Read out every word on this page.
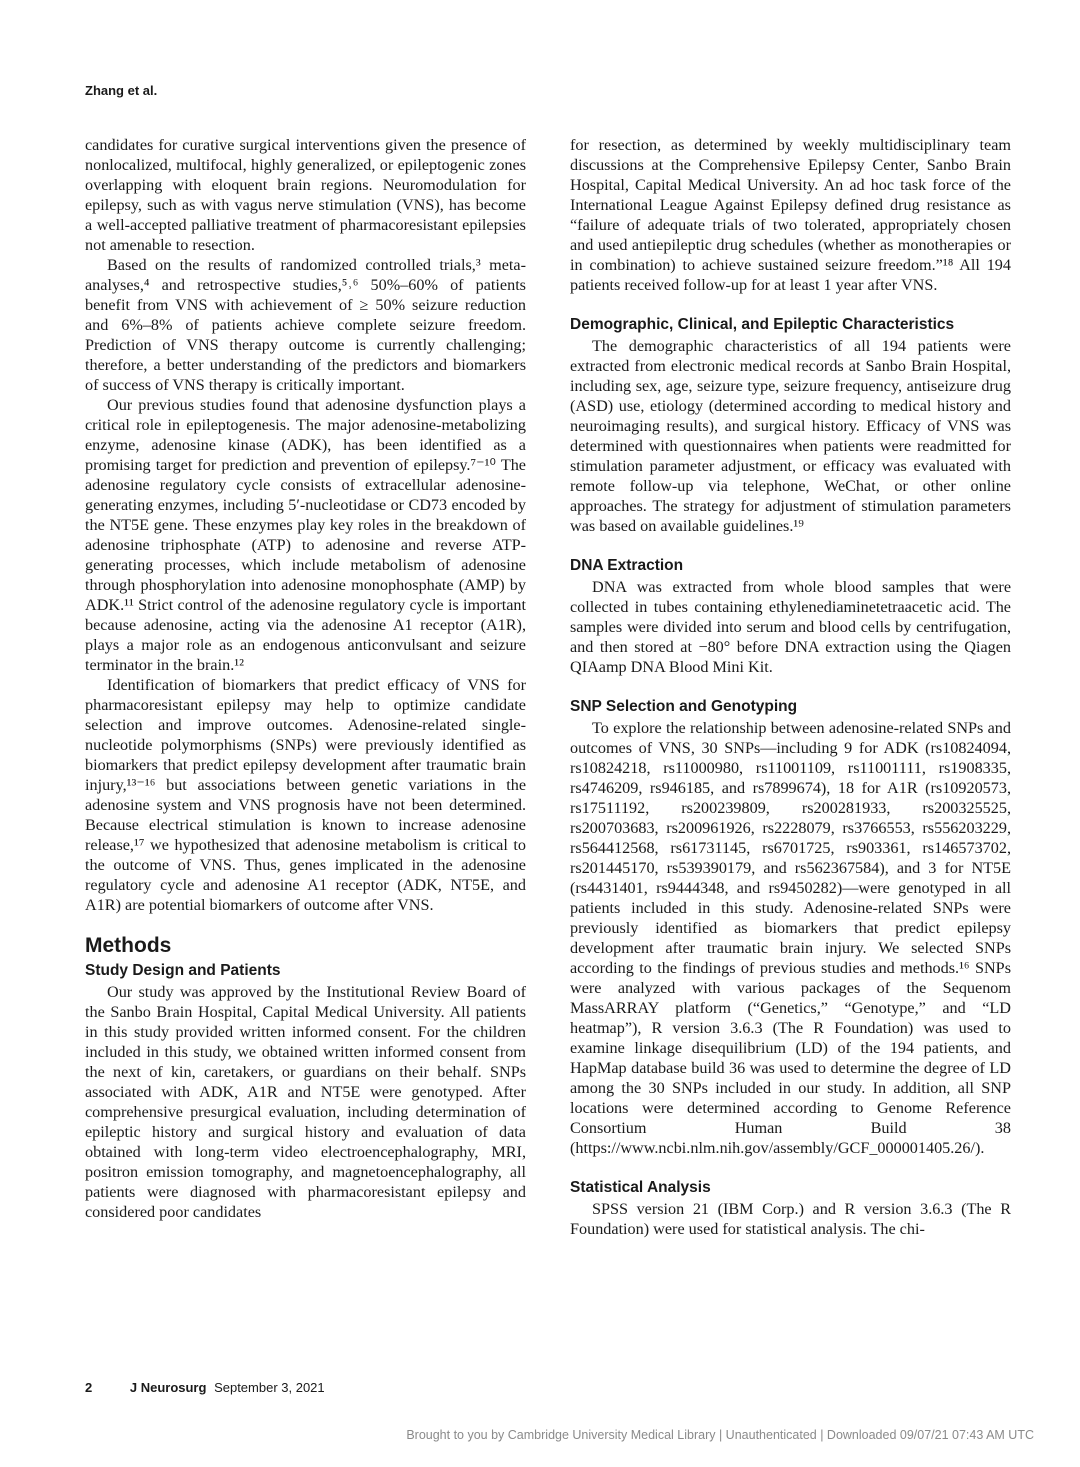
Zhang et al.

candidates for curative surgical interventions given the presence of nonlocalized, multifocal, highly generalized, or epileptogenic zones overlapping with eloquent brain regions. Neuromodulation for epilepsy, such as with vagus nerve stimulation (VNS), has become a well-accepted palliative treatment of pharmacoresistant epilepsies not amenable to resection.

Based on the results of randomized controlled trials,³ meta-analyses,⁴ and retrospective studies,⁵˒⁶ 50%–60% of patients benefit from VNS with achievement of ≥ 50% seizure reduction and 6%–8% of patients achieve complete seizure freedom. Prediction of VNS therapy outcome is currently challenging; therefore, a better understanding of the predictors and biomarkers of success of VNS therapy is critically important.

Our previous studies found that adenosine dysfunction plays a critical role in epileptogenesis. The major adenosine-metabolizing enzyme, adenosine kinase (ADK), has been identified as a promising target for prediction and prevention of epilepsy.⁷⁻¹⁰ The adenosine regulatory cycle consists of extracellular adenosine-generating enzymes, including 5′-nucleotidase or CD73 encoded by the NT5E gene. These enzymes play key roles in the breakdown of adenosine triphosphate (ATP) to adenosine and reverse ATP-generating processes, which include metabolism of adenosine through phosphorylation into adenosine monophosphate (AMP) by ADK.¹¹ Strict control of the adenosine regulatory cycle is important because adenosine, acting via the adenosine A1 receptor (A1R), plays a major role as an endogenous anticonvulsant and seizure terminator in the brain.¹²

Identification of biomarkers that predict efficacy of VNS for pharmacoresistant epilepsy may help to optimize candidate selection and improve outcomes. Adenosine-related single-nucleotide polymorphisms (SNPs) were previously identified as biomarkers that predict epilepsy development after traumatic brain injury,¹³⁻¹⁶ but associations between genetic variations in the adenosine system and VNS prognosis have not been determined. Because electrical stimulation is known to increase adenosine release,¹⁷ we hypothesized that adenosine metabolism is critical to the outcome of VNS. Thus, genes implicated in the adenosine regulatory cycle and adenosine A1 receptor (ADK, NT5E, and A1R) are potential biomarkers of outcome after VNS.

Methods
Study Design and Patients

Our study was approved by the Institutional Review Board of the Sanbo Brain Hospital, Capital Medical University. All patients in this study provided written informed consent. For the children included in this study, we obtained written informed consent from the next of kin, caretakers, or guardians on their behalf. SNPs associated with ADK, A1R and NT5E were genotyped. After comprehensive presurgical evaluation, including determination of epileptic history and surgical history and evaluation of data obtained with long-term video electroencephalography, MRI, positron emission tomography, and magnetoencephalography, all patients were diagnosed with pharmacoresistant epilepsy and considered poor candidates

for resection, as determined by weekly multidisciplinary team discussions at the Comprehensive Epilepsy Center, Sanbo Brain Hospital, Capital Medical University. An ad hoc task force of the International League Against Epilepsy defined drug resistance as “failure of adequate trials of two tolerated, appropriately chosen and used antiepileptic drug schedules (whether as monotherapies or in combination) to achieve sustained seizure freedom.”¹⁸ All 194 patients received follow-up for at least 1 year after VNS.

Demographic, Clinical, and Epileptic Characteristics

The demographic characteristics of all 194 patients were extracted from electronic medical records at Sanbo Brain Hospital, including sex, age, seizure type, seizure frequency, antiseizure drug (ASD) use, etiology (determined according to medical history and neuroimaging results), and surgical history. Efficacy of VNS was determined with questionnaires when patients were readmitted for stimulation parameter adjustment, or efficacy was evaluated with remote follow-up via telephone, WeChat, or other online approaches. The strategy for adjustment of stimulation parameters was based on available guidelines.¹⁹

DNA Extraction

DNA was extracted from whole blood samples that were collected in tubes containing ethylenediaminetetraacetic acid. The samples were divided into serum and blood cells by centrifugation, and then stored at −80° before DNA extraction using the Qiagen QIAamp DNA Blood Mini Kit.

SNP Selection and Genotyping

To explore the relationship between adenosine-related SNPs and outcomes of VNS, 30 SNPs—including 9 for ADK (rs10824094, rs10824218, rs11000980, rs11001109, rs11001111, rs1908335, rs4746209, rs946185, and rs7899674), 18 for A1R (rs10920573, rs17511192, rs200239809, rs200281933, rs200325525, rs200703683, rs200961926, rs2228079, rs3766553, rs556203229, rs564412568, rs61731145, rs6701725, rs903361, rs146573702, rs201445170, rs539390179, and rs562367584), and 3 for NT5E (rs4431401, rs9444348, and rs9450282)—were genotyped in all patients included in this study. Adenosine-related SNPs were previously identified as biomarkers that predict epilepsy development after traumatic brain injury. We selected SNPs according to the findings of previous studies and methods.¹⁶ SNPs were analyzed with various packages of the Sequenom MassARRAY platform (“Genetics,” “Genotype,” and “LD heatmap”), R version 3.6.3 (The R Foundation) was used to examine linkage disequilibrium (LD) of the 194 patients, and HapMap database build 36 was used to determine the degree of LD among the 30 SNPs included in our study. In addition, all SNP locations were determined according to Genome Reference Consortium Human Build 38 (https://www.ncbi.nlm.nih.gov/assembly/GCF_000001405.26/).

Statistical Analysis

SPSS version 21 (IBM Corp.) and R version 3.6.3 (The R Foundation) were used for statistical analysis. The chi-

2	J Neurosurg September 3, 2021
Brought to you by Cambridge University Medical Library | Unauthenticated | Downloaded 09/07/21 07:43 AM UTC
